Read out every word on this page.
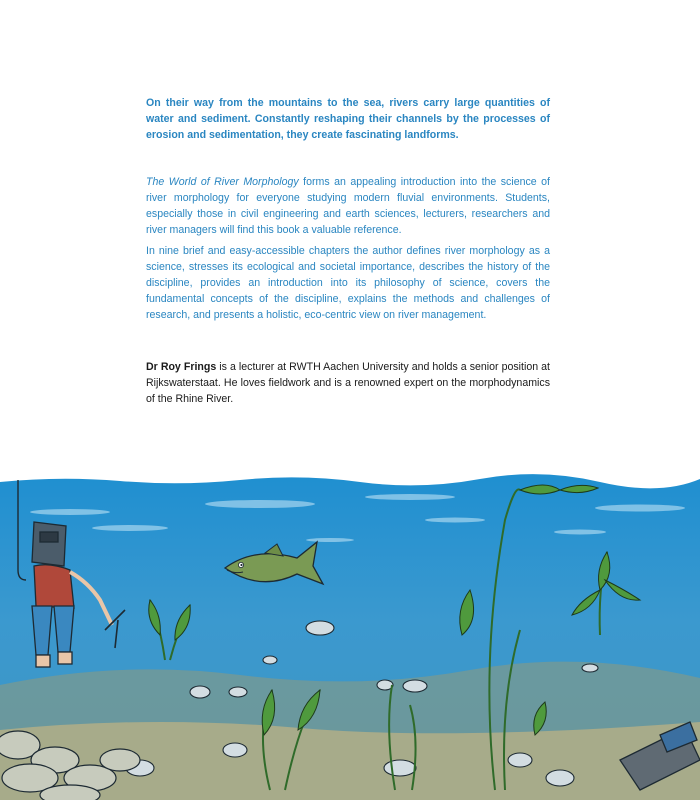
On their way from the mountains to the sea, rivers carry large quantities of water and sediment. Constantly reshaping their channels by the processes of erosion and sedimentation, they create fascinating landforms.

The World of River Morphology forms an appealing introduction into the science of river morphology for everyone studying modern fluvial environments. Students, especially those in civil engineering and earth sciences, lecturers, researchers and river managers will find this book a valuable reference.

In nine brief and easy-accessible chapters the author defines river morphology as a science, stresses its ecological and societal importance, describes the history of the discipline, provides an introduction into its philosophy of science, covers the fundamental concepts of the discipline, explains the methods and challenges of research, and presents a holistic, eco-centric view on river management.

Dr Roy Frings is a lecturer at RWTH Aachen University and holds a senior position at Rijkswaterstaat. He loves fieldwork and is a renowned expert on the morphodynamics of the Rhine River.
